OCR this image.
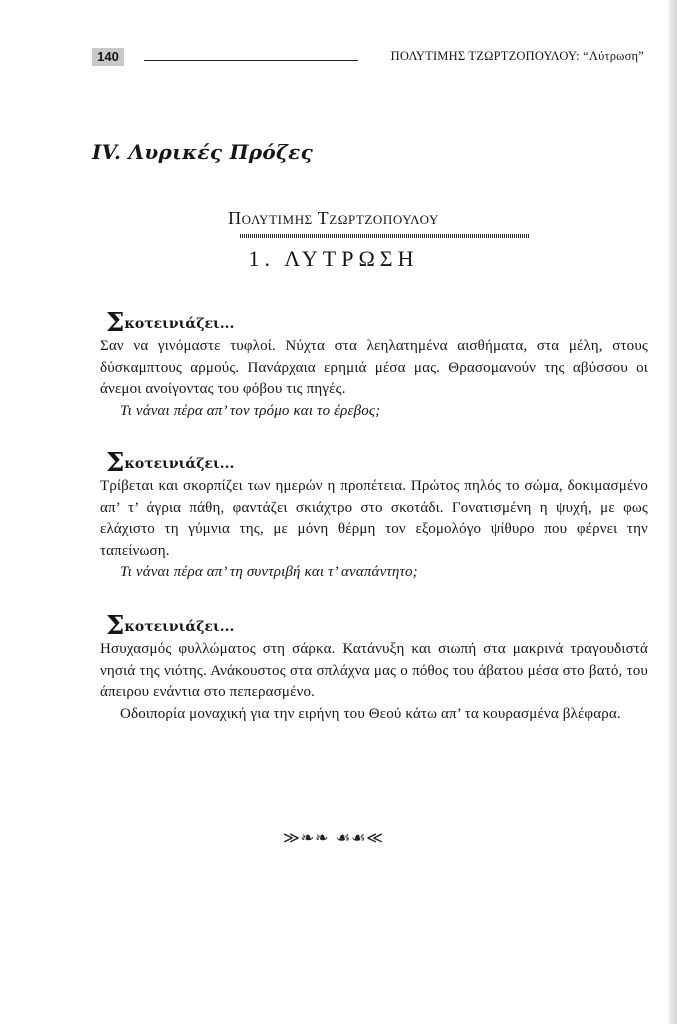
140	ΠΟΛΥΤΙΜΗΣ ΤΖΩΡΤΖΟΠΟΥΛΟΥ: “Λύτρωση”
IV. Λυρικές Πρόζες
Πολυτιμης Τζωρτζοπουλου
1. ΛΥΤΡΩΣΗ
Σκοτεινιάζει...

Σαν να γινόμαστε τυφλοί. Νύχτα στα λεηλατημένα αισθήματα, στα μέλη, στους δύσκαμπτους αρμούς. Πανάρχαια ερημιά μέσα μας. Θρασομανούν της αβύσσου οι άνεμοι ανοίγοντας του φόβου τις πηγές.

Τι νάναι πέρα απ’ τον τρόμο και το έρεβος;

Σκοτεινιάζει...

Τρίβεται και σκορπίζει των ημερών η προπέτεια. Πρώτος πηλός το σώμα, δοκιμασμένο απ’ τ’ άγρια πάθη, φαντάζει σκιάχτρο στο σκοτάδι. Γονατισμένη η ψυχή, με φως ελάχιστο τη γύμνια της, με μόνη θέρμη τον εξομολόγο ψίθυρο που φέρνει την ταπείνωση.

Τι νάναι πέρα απ’ τη συντριβή και τ’ αναπάντητο;

Σκοτεινιάζει...

Ησυχασμός φυλλώματος στη σάρκα. Κατάνυξη και σιωπή στα μακρινά τραγουδιστά νησιά της νιότης. Ανάκουστος στα σπλάχνα μας ο πόθος του άβατου μέσα στο βατό, του άπειρου ενάντια στο πεπερασμένο.

Οδοιπορία μοναχική για την ειρήνη του Θεού κάτω απ’ τα κουρασμένα βλέφαρα.

≫❧❧ ☙☙≪
